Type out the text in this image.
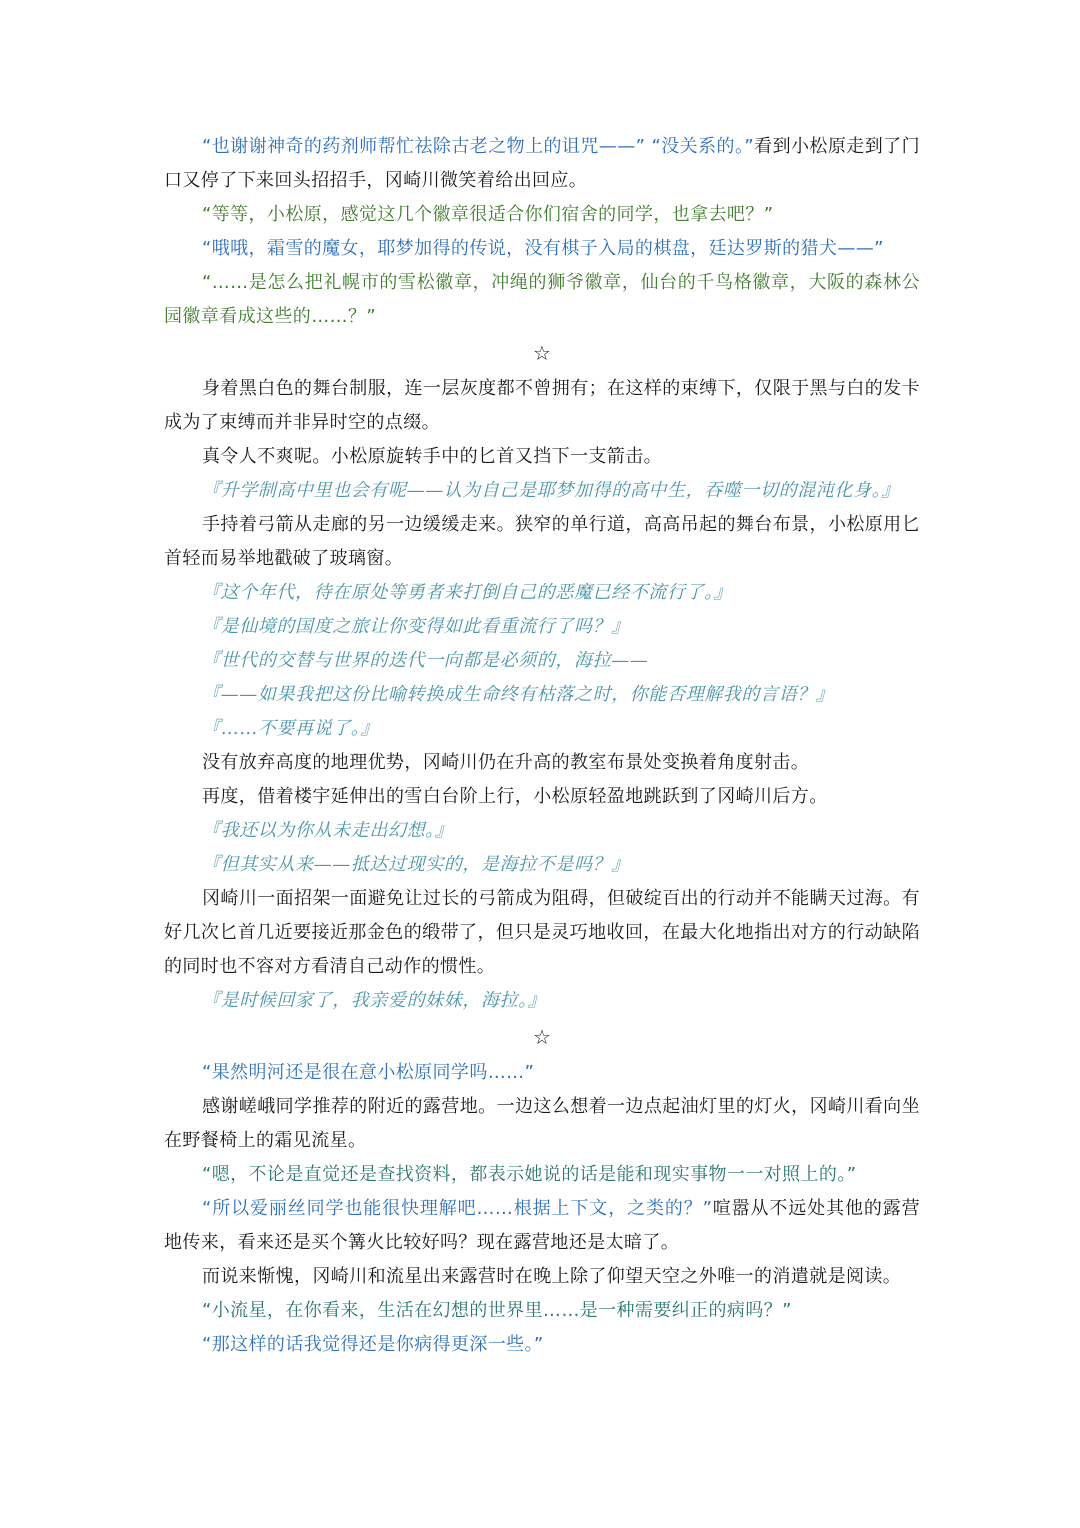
“也谢谢神奇的药剂师帮忙祛除古老之物上的诅咒——” “没关系的。”看到小松原走到了门口又停了下来回头招招手，冈崎川微笑着给出回应。

“等等，小松原，感觉这几个徽章很适合你们宿舍的同学，也拿去吧？”

“哦哦，霜雪的魔女，耶梦加得的传说，没有棋子入局的棋盘，廷达罗斯的猎犬——”

“……是怎么把礼幌市的雪松徽章，冲绳的狮爷徽章，仙台的千鸟格徽章，大阪的森林公园徽章看成这些的……？”

☆

身着黑白色的舞台制服，连一层灰度都不曾拥有；在这样的束缚下，仅限于黑与白的发卡成为了束缚而并非异时空的点缀。

真令人不爽呢。小松原旋转手中的匕首又挡下一支箭击。

『升学制高中里也会有呢——认为自己是耶梦加得的高中生，吞噬一切的混沌化身。』

手持着弓箭从走廊的另一边缓缓走来。狭窄的单行道，高高吊起的舞台布景，小松原用匕首轻而易举地戳破了玻璃窗。

『这个年代，待在原处等勇者来打倒自己的恶魔已经不流行了。』

『是仙境的国度之旅让你变得如此看重流行了吗？』

『世代的交替与世界的迭代一向都是必须的，海拉——

『——如果我把这份比喻转换成生命终有枯落之时，你能否理解我的言语？』

『……不要再说了。』

没有放弃高度的地理优势，冈崎川仍在升高的教室布景处变换着角度射击。

再度，借着楼宇延伸出的雪白台阶上行，小松原轻盈地跳跃到了冈崎川后方。

『我还以为你从未走出幻想。』

『但其实从来——抵达过现实的，是海拉不是吗？』

冈崎川一面招架一面避免让过长的弓箭成为阻碍，但破绽百出的行动并不能瞒天过海。有好几次匕首几近要接近那金色的缎带了，但只是灵巧地收回，在最大化地指出对方的行动缺陷的同时也不容对方看清自己动作的惯性。

『是时候回家了，我亲爱的妹妹，海拉。』

☆

“果然明河还是很在意小松原同学吗……”

感谢嵯峨同学推荐的附近的露营地。一边这么想着一边点起油灯里的灯火，冈崎川看向坐在野餐椅上的霜见流星。

“嗯，不论是直觉还是查找资料，都表示她说的话是能和现实事物一一对照上的。”

“所以爱丽丝同学也能很快理解吧……根据上下文，之类的？”喧嚣从不远处其他的露营地传来，看来还是买个篝火比较好吗？现在露营地还是太暗了。

而说来惭愧，冈崎川和流星出来露营时在晚上除了仰望天空之外唯一的消遣就是阅读。

“小流星，在你看来，生活在幻想的世界里……是一种需要纠正的病吗？”

“那这样的话我觉得还是你病得更深一些。”
